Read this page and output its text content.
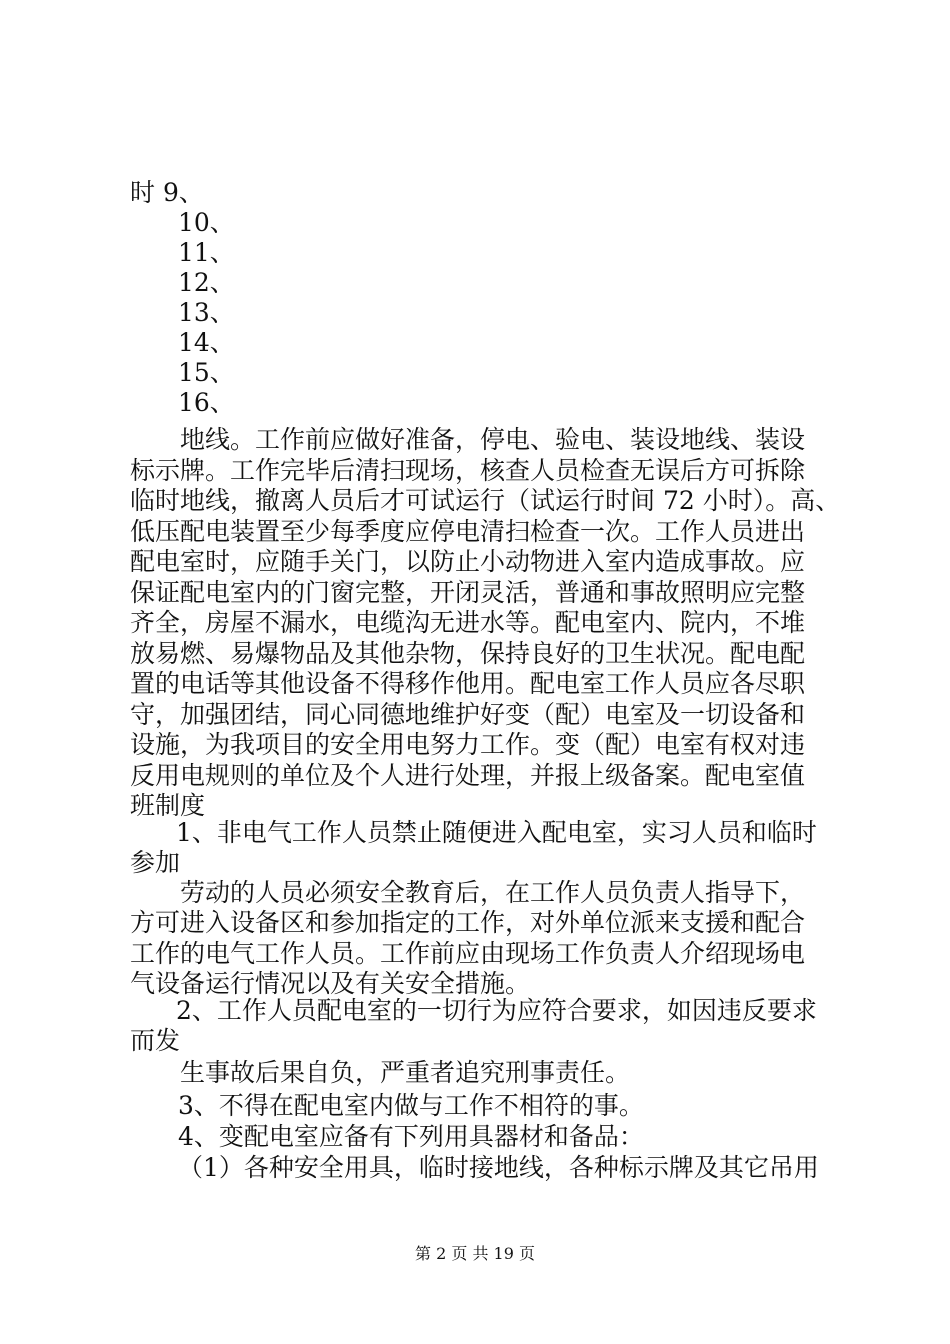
时 9、
10、
11、
12、
13、
14、
15、
16、
地线。工作前应做好准备，停电、验电、装设地线、装设
标示牌。工作完毕后清扫现场，核查人员检查无误后方可拆除
临时地线，撤离人员后才可试运行（试运行时间 72 小时）。高、
低压配电装置至少每季度应停电清扫检查一次。工作人员进出
配电室时，应随手关门，以防止小动物进入室内造成事故。应
保证配电室内的门窗完整，开闭灵活，普通和事故照明应完整
齐全，房屋不漏水，电缆沟无进水等。配电室内、院内，不堆
放易燃、易爆物品及其他杂物，保持良好的卫生状况。配电配
置的电话等其他设备不得移作他用。配电室工作人员应各尽职
守，加强团结，同心同德地维护好变（配）电室及一切设备和
设施，为我项目的安全用电努力工作。变（配）电室有权对违
反用电规则的单位及个人进行处理，并报上级备案。配电室值
班制度
1、非电气工作人员禁止随便进入配电室，实习人员和临时
参加
劳动的人员必须安全教育后，在工作人员负责人指导下，
方可进入设备区和参加指定的工作，对外单位派来支援和配合
工作的电气工作人员。工作前应由现场工作负责人介绍现场电
气设备运行情况以及有关安全措施。
2、工作人员配电室的一切行为应符合要求，如因违反要求
而发
生事故后果自负，严重者追究刑事责任。
3、不得在配电室内做与工作不相符的事。
4、变配电室应备有下列用具器材和备品：
（1）各种安全用具，临时接地线，各种标示牌及其它吊用
第 2 页 共 19 页
